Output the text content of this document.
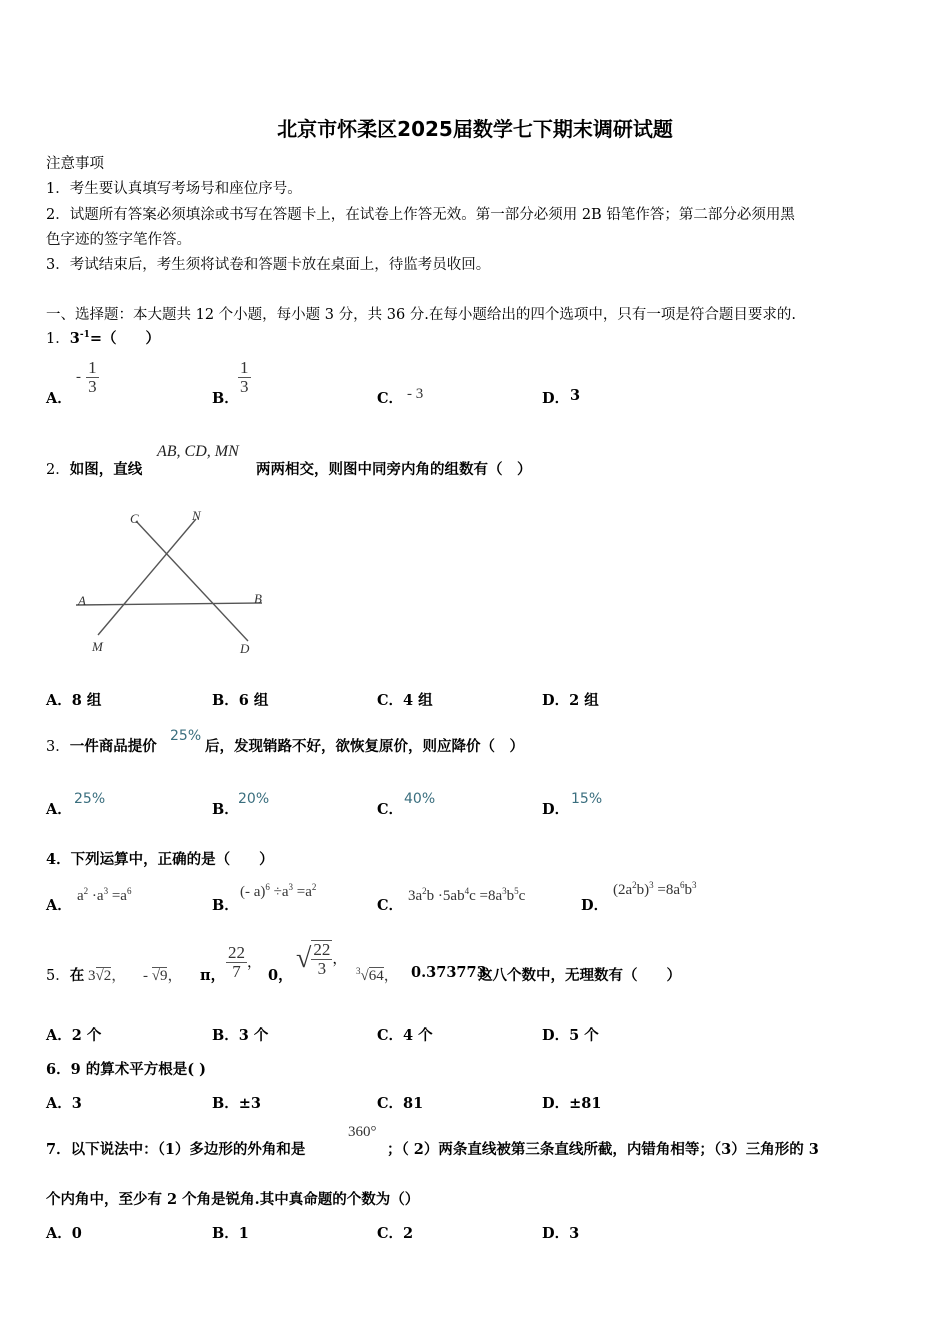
北京市怀柔区2025届数学七下期末调研试题
注意事项
1．考生要认真填写考场号和座位序号。
2．试题所有答案必须填涂或书写在答题卡上，在试卷上作答无效。第一部分必须用 2B 铅笔作答；第二部分必须用黑
色字迹的签字笔作答。
3．考试结束后，考生须将试卷和答题卡放在桌面上，待监考员收回。
一、选择题：本大题共 12 个小题，每小题 3 分，共 36 分.在每小题给出的四个选项中，只有一项是符合题目要求的.
1．$3^{-1}=$（　　）
A．
- $\frac{1}{3}$
B．
$\frac{1}{3}$
C． - 3	D． 3
2．如图，直线
AB, CD, MN
两两相交，则图中同旁内角的组数有（　）
C	N
A	B
M	D
A．8 组	B．6 组	C．4 组	D．2 组
3．一件商品提价
25%
后，发现销路不好，欲恢复原价，则应降价（　）
A．
25%
B．
20%
C．
40%
D．
15%
4．下列运算中，正确的是（　　）
A．
$a^2 \cdot a^3 =a^6$
B．
(- $a)^6 \div a^3 =a^2$
C．
$3a^2b \cdot 5ab^4c =8a^3b^5c$
D．
$(2a^2b)^3 =8a^6b^3$
5．在 3√2， - √9， π， $\frac{22}{7}$ ，
0，
√ $\frac{22}{3}$ ，
$^3$√64， 0.373773
这八个数中，无理数有（　　）
A．2 个	B．3 个	C．4 个	D．5 个
6．9 的算术平方根是( )
A．3	B．±3	C．81	D．±81
7．以下说法中：（1）多边形的外角和是
360°
；（ 2）两条直线被第三条直线所截，内错角相等；（3）三角形的 3
个内角中，至少有 2 个角是锐角.其中真命题的个数为（）
A．0	B．1	C．2	D．3
